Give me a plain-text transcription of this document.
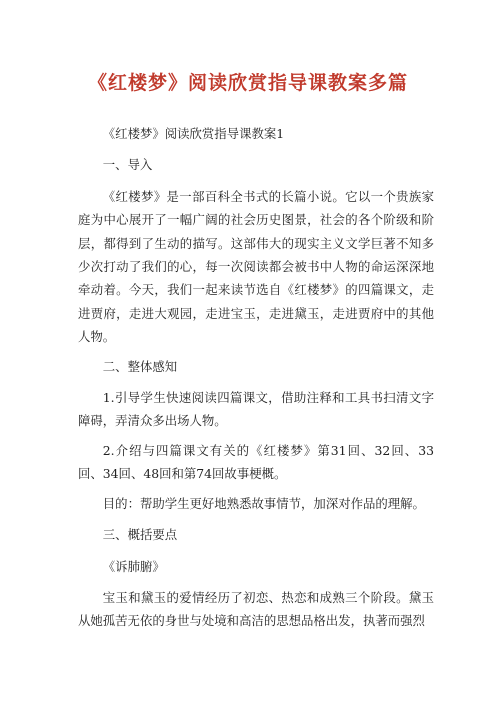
《红楼梦》阅读欣赏指导课教案多篇

《红楼梦》阅读欣赏指导课教案1

一、导入

《红楼梦》是一部百科全书式的长篇小说。它以一个贵族家庭为中心展开了一幅广阔的社会历史图景，社会的各个阶级和阶层，都得到了生动的描写。这部伟大的现实主义文学巨著不知多少次打动了我们的心，每一次阅读都会被书中人物的命运深深地牵动着。今天，我们一起来读节选自《红楼梦》的四篇课文，走进贾府，走进大观园，走进宝玉，走进黛玉，走进贾府中的其他人物。

二、整体感知

1.引导学生快速阅读四篇课文，借助注释和工具书扫清文字障碍，弄清众多出场人物。

2.介绍与四篇课文有关的《红楼梦》第31回、32回、33回、34回、48回和第74回故事梗概。

目的：帮助学生更好地熟悉故事情节，加深对作品的理解。

三、概括要点

《诉肺腑》

宝玉和黛玉的爱情经历了初恋、热恋和成熟三个阶段。黛玉从她孤苦无依的身世与处境和高洁的思想品格出发，执著而强烈
